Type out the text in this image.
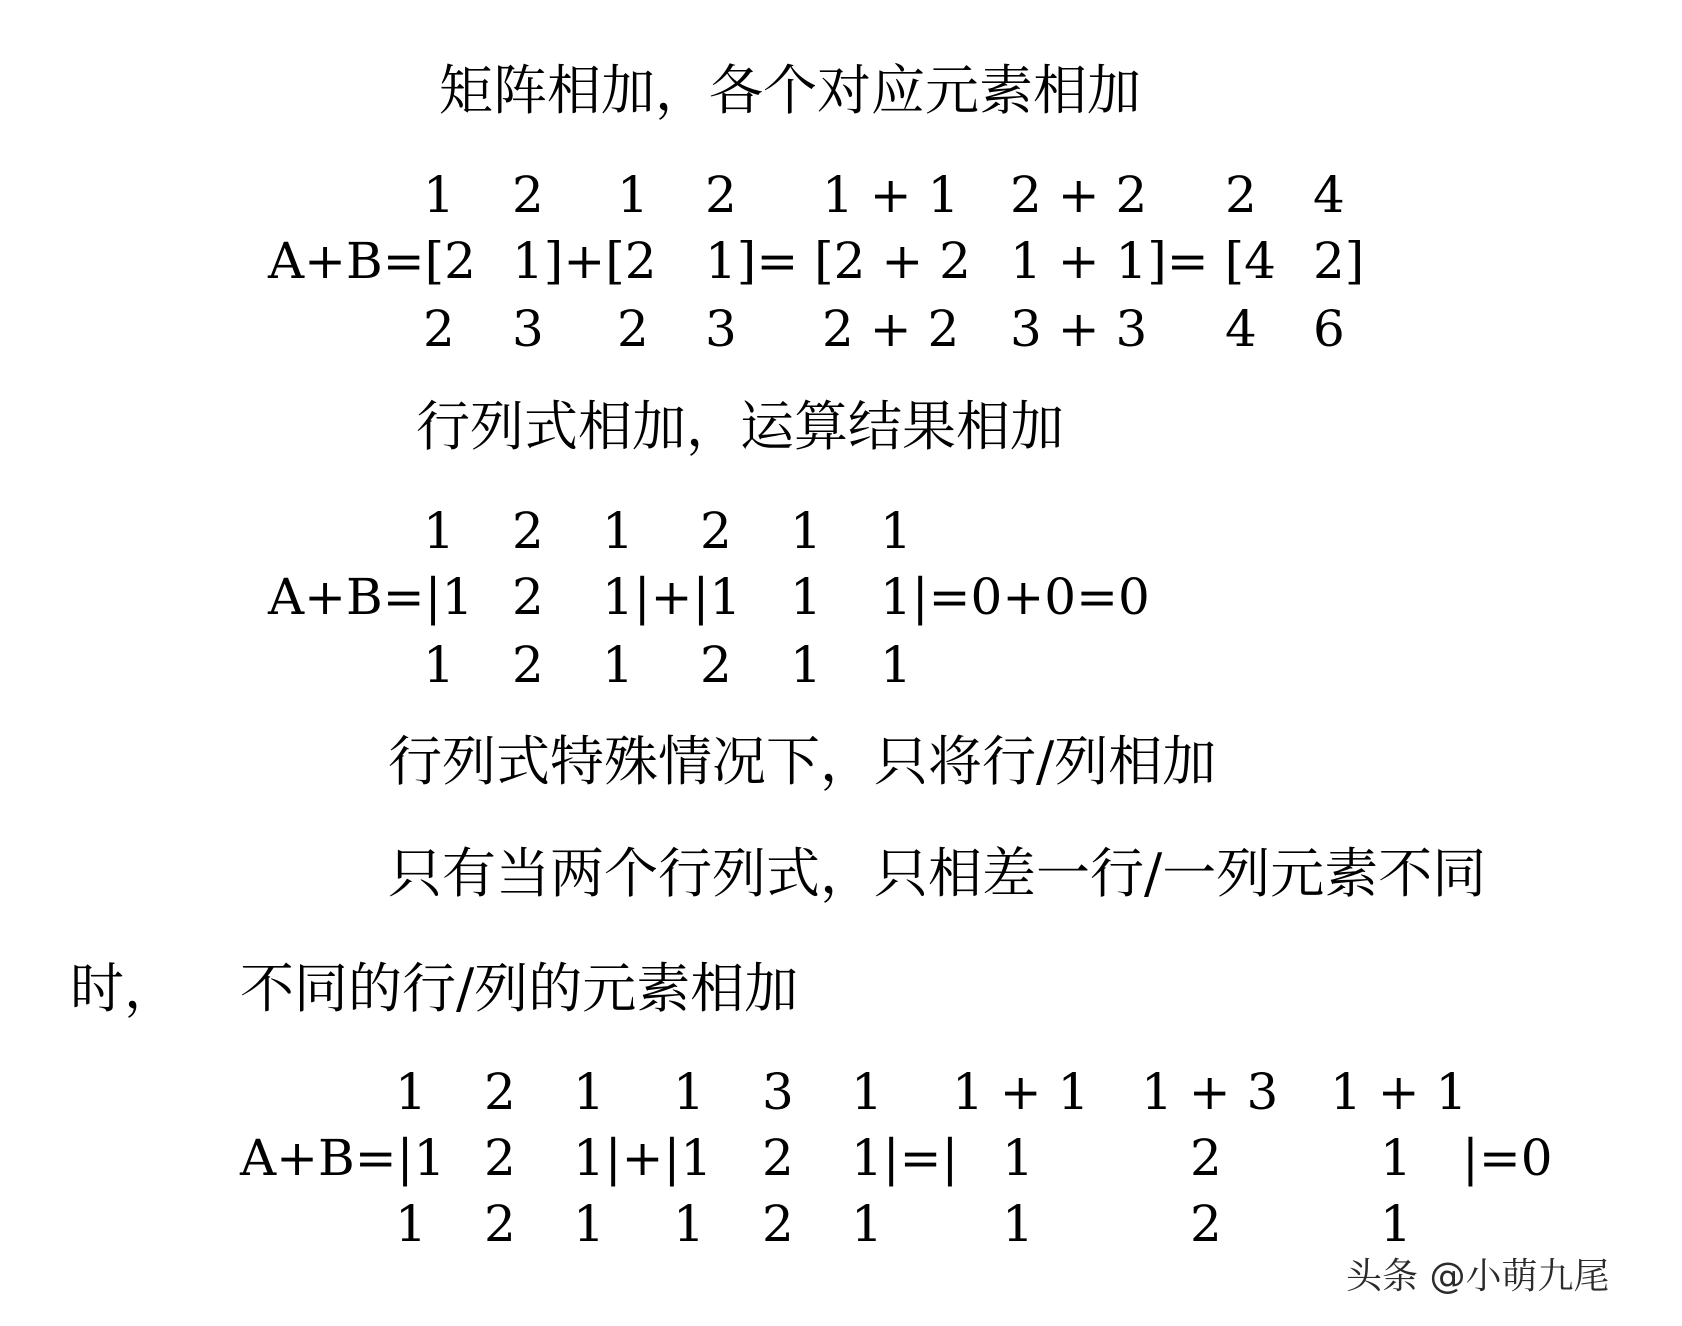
矩阵相加，各个对应元素相加
行列式相加，运算结果相加
行列式特殊情况下，只将行/列相加
只有当两个行列式，只相差一行/一列元素不同
时， 不同的行/列的元素相加
1 2 1 2 1 + 1 2 + 2 2 4
A+B=[2 1]+[2 1]= [2 + 2 1 + 1]= [4 2]
2 3 2 3 2 + 2 3 + 3 4 6
1 2 1 2 1 1
A+B=|1 2 1|+|1 1 1|=0+0=0
1 2 1 2 1 1
1 2 1 1 3 1 1 + 1 1 + 3 1 + 1
A+B=|1 2 1|+|1 2 1|=| 1	2	1 |=0
1 2 1 1 2 1 1	2	1
头条 @小萌九尾
